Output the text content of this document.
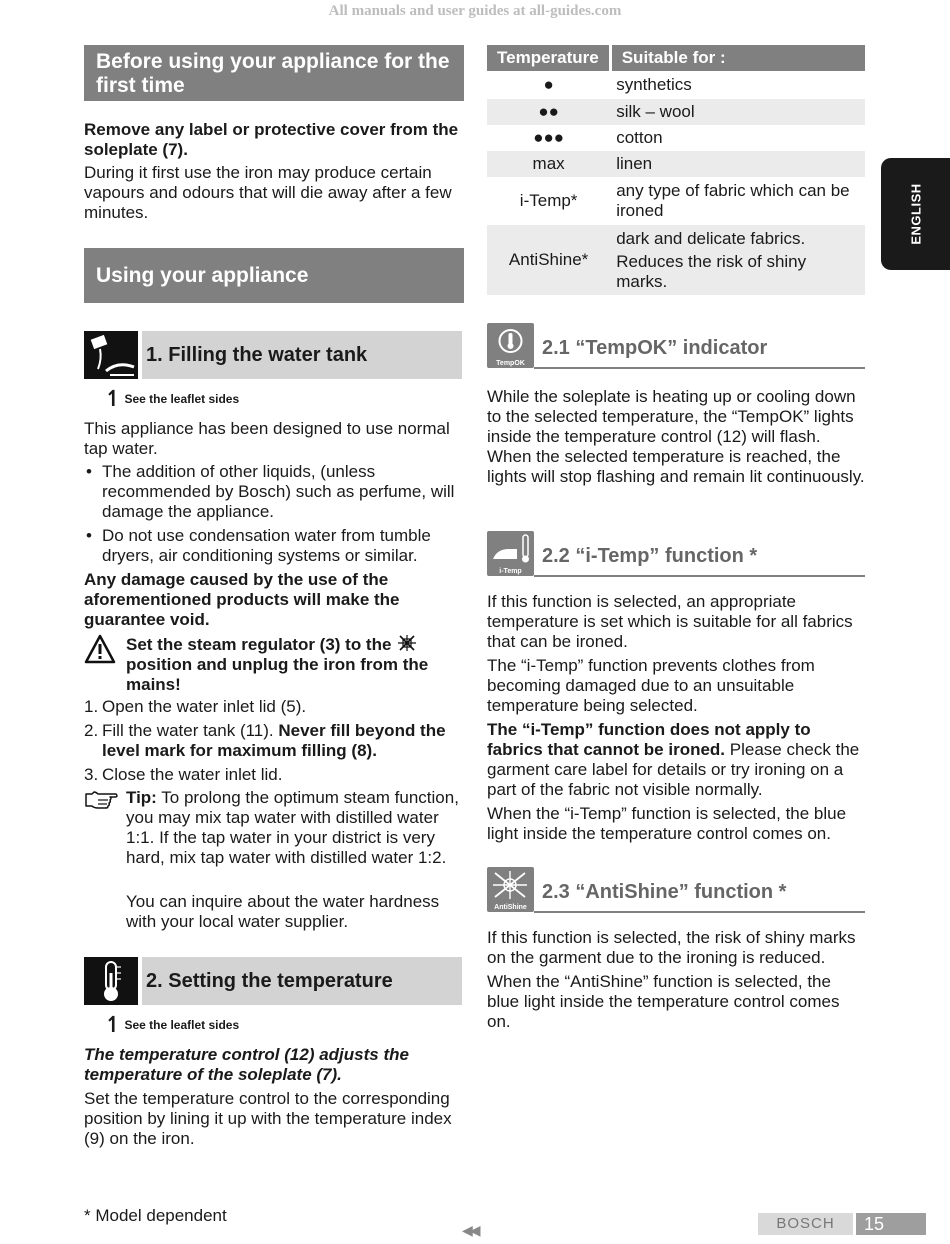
All manuals and user guides at all-guides.com
Before using your appliance for the first time

Remove any label or protective cover from the soleplate (7).

During it first use the iron may produce certain vapours and odours that will die away after a few minutes.

Using your appliance
1. Filling the water tank
↿ See the leaflet sides

This appliance has been designed to use normal tap water.

• The addition of other liquids, (unless recommended by Bosch) such as perfume, will damage the appliance.
• Do not use condensation water from tumble dryers, air conditioning systems or similar.

Any damage caused by the use of the aforementioned products will make the guarantee void.

Set the steam regulator (3) to the  position and unplug the iron from the mains!

1. Open the water inlet lid (5).
2. Fill the water tank (11). Never fill beyond the level mark for maximum filling (8).
3. Close the water inlet lid.

Tip: To prolong the optimum steam function, you may mix tap water with distilled water 1:1. If the tap water in your district is very hard, mix tap water with distilled water 1:2.

You can inquire about the water hardness with your local water supplier.

2. Setting the temperature
↿ See the leaflet sides

The temperature control (12) adjusts the temperature of the soleplate (7).

Set the temperature control to the corresponding position by lining it up with the temperature index (9) on the iron.

Temperature	Suitable for :
●	synthetics
●●	silk – wool
●●●	cotton
max	linen
i-Temp*	any type of fabric which can be ironed
AntiShine*	dark and delicate fabrics.
Reduces the risk of shiny marks.
TempOK
2.1 “TempOK” indicator

While the soleplate is heating up or cooling down to the selected temperature, the “TempOK” lights inside the temperature control (12) will flash. When the selected temperature is reached, the lights will stop flashing and remain lit continuously.

i-Temp
2.2 “i-Temp” function *

If this function is selected, an appropriate temperature is set which is suitable for all fabrics that can be ironed.

The “i-Temp” function prevents clothes from becoming damaged due to an unsuitable temperature being selected.

The “i-Temp” function does not apply to fabrics that cannot be ironed. Please check the garment care label for details or try ironing on a part of the fabric not visible normally.

When the “i-Temp” function is selected, the blue light inside the temperature control comes on.

AntiShine
2.3 “AntiShine” function *

If this function is selected, the risk of shiny marks on the garment due to the ironing is reduced.

When the “AntiShine” function is selected, the blue light inside the temperature control comes on.

ENGLISH
* Model dependent
◀◀	BOSCH	15
